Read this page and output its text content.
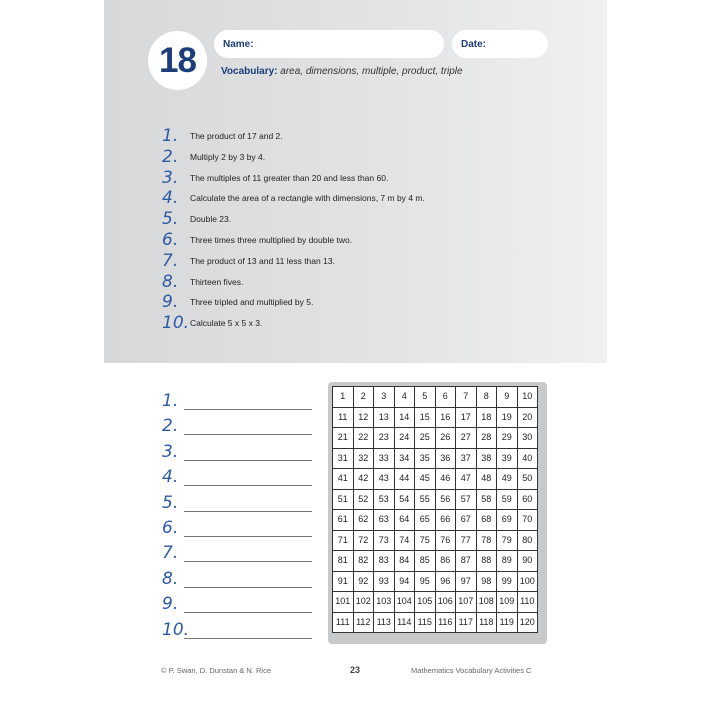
18	Name:	Date:
Vocabulary: area, dimensions, multiple, product, triple
1. The product of 17 and 2.
2. Multiply 2 by 3 by 4.
3. The multiples of 11 greater than 20 and less than 60.
4. Calculate the area of a rectangle with dimensions, 7 m by 4 m.
5. Double 23.
6. Three times three multiplied by double two.
7. The product of 13 and 11 less than 13.
8. Thirteen fives.
9. Three tripled and multiplied by 5.
10. Calculate 5 x 5 x 3.
1.
2.
3.
4.
5.
6.
7.
8.
9.
10.
1	2	3	4	5	6	7	8	9	10
11	12	13	14	15	16	17	18	19	20
21	22	23	24	25	26	27	28	29	30
31	32	33	34	35	36	37	38	39	40
41	42	43	44	45	46	47	48	49	50
51	52	53	54	55	56	57	58	59	60
61	62	63	64	65	66	67	68	69	70
71	72	73	74	75	76	77	78	79	80
81	82	83	84	85	86	87	88	89	90
91	92	93	94	95	96	97	98	99	100
101	102	103	104	105	106	107	108	109	110
111	112	113	114	115	116	117	118	119	120
© P. Swan, D. Dunstan & N. Rice	23	Mathematics Vocabulary Activities C
